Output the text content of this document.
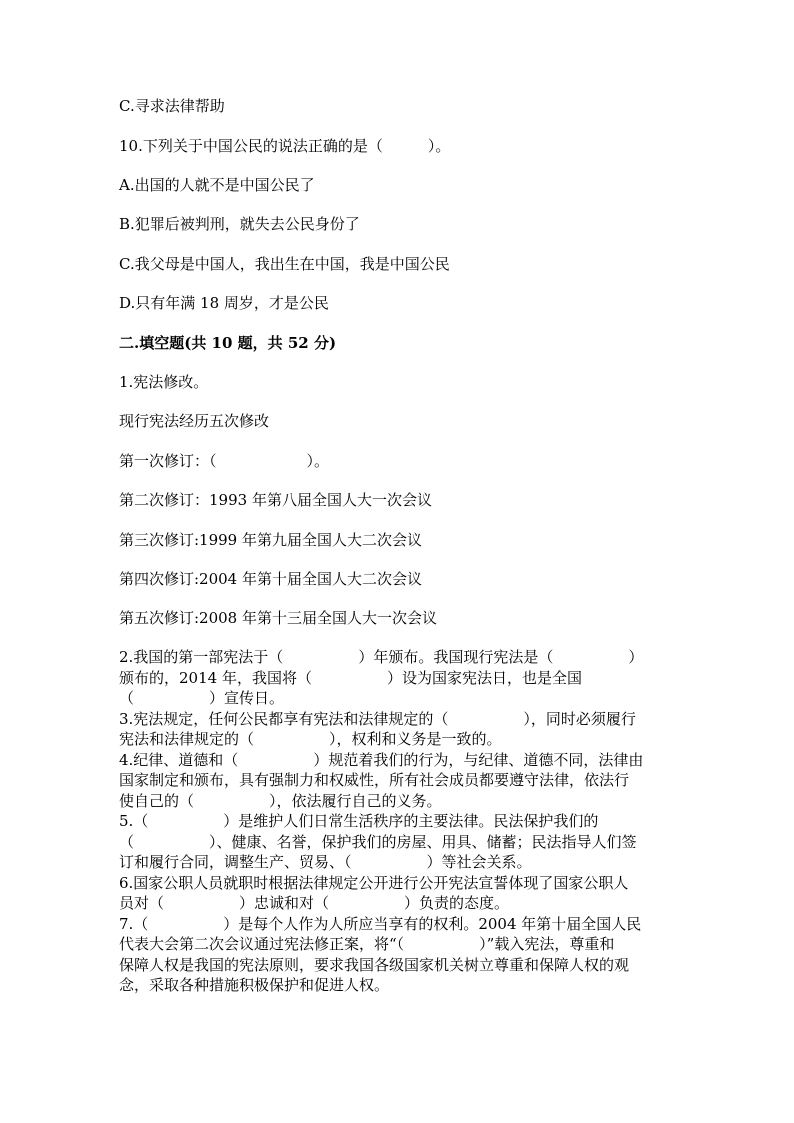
C.寻求法律帮助
10.下列关于中国公民的说法正确的是（　　　）。
A.出国的人就不是中国公民了
B.犯罪后被判刑，就失去公民身份了
C.我父母是中国人，我出生在中国，我是中国公民
D.只有年满 18 周岁，才是公民
二.填空题(共 10 题，共 52 分)
1.宪法修改。
现行宪法经历五次修改
第一次修订：（　　　　　　）。
第二次修订：1993 年第八届全国人大一次会议
第三次修订:1999 年第九届全国人大二次会议
第四次修订:2004 年第十届全国人大二次会议
第五次修订:2008 年第十三届全国人大一次会议
2.我国的第一部宪法于（　　　　　）年颁布。我国现行宪法是（　　　　　）
颁布的，2014 年，我国将（　　　　　）设为国家宪法日，也是全国
（　　　　　）宣传日。
3.宪法规定，任何公民都享有宪法和法律规定的（　　　　　），同时必须履行
宪法和法律规定的（　　　　　），权利和义务是一致的。
4.纪律、道德和（　　　　　）规范着我们的行为，与纪律、道德不同，法律由
国家制定和颁布，具有强制力和权威性，所有社会成员都要遵守法律，依法行
使自己的（　　　　　），依法履行自己的义务。
5.（　　　　　）是维护人们日常生活秩序的主要法律。民法保护我们的
（　　　　　）、健康、名誉，保护我们的房屋、用具、储蓄；民法指导人们签
订和履行合同，调整生产、贸易、（　　　　　）等社会关系。
6.国家公职人员就职时根据法律规定公开进行公开宪法宣誓体现了国家公职人
员对（　　　　　）忠诚和对（　　　　　）负责的态度。
7.（　　　　　）是每个人作为人所应当享有的权利。2004 年第十届全国人民
代表大会第二次会议通过宪法修正案，将“（　　　　　）”载入宪法，尊重和
保障人权是我国的宪法原则，要求我国各级国家机关树立尊重和保障人权的观
念，采取各种措施积极保护和促进人权。
